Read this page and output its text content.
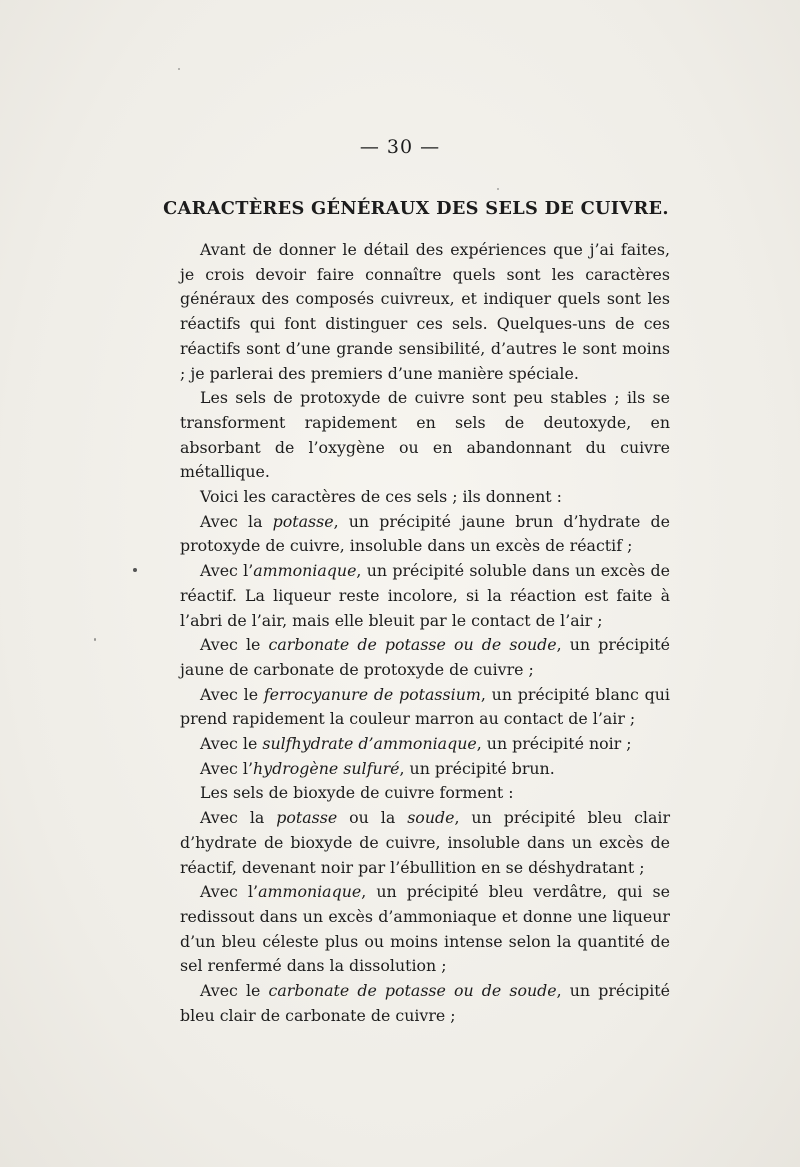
— 30 —
CARACTÈRES GÉNÉRAUX DES SELS DE CUIVRE.

Avant de donner le détail des expériences que j’ai faites, je crois devoir faire connaître quels sont les caractères généraux des composés cuivreux, et indiquer quels sont les réactifs qui font distinguer ces sels. Quelques-uns de ces réactifs sont d’une grande sensibilité, d’autres le sont moins ; je parlerai des premiers d’une manière spéciale.

Les sels de protoxyde de cuivre sont peu stables ; ils se transforment rapidement en sels de deutoxyde, en absorbant de l’oxygène ou en abandonnant du cuivre métallique.

Voici les caractères de ces sels ; ils donnent :

Avec la potasse, un précipité jaune brun d’hydrate de protoxyde de cuivre, insoluble dans un excès de réactif ;

Avec l’ammoniaque, un précipité soluble dans un excès de réactif. La liqueur reste incolore, si la réaction est faite à l’abri de l’air, mais elle bleuit par le contact de l’air ;

Avec le carbonate de potasse ou de soude, un précipité jaune de carbonate de protoxyde de cuivre ;

Avec le ferrocyanure de potassium, un précipité blanc qui prend rapidement la couleur marron au contact de l’air ;

Avec le sulfhydrate d’ammoniaque, un précipité noir ;

Avec l’hydrogène sulfuré, un précipité brun.

Les sels de bioxyde de cuivre forment :

Avec la potasse ou la soude, un précipité bleu clair d’hydrate de bioxyde de cuivre, insoluble dans un excès de réactif, devenant noir par l’ébullition en se déshydratant ;

Avec l’ammoniaque, un précipité bleu verdâtre, qui se redissout dans un excès d’ammoniaque et donne une liqueur d’un bleu céleste plus ou moins intense selon la quantité de sel renfermé dans la dissolution ;

Avec le carbonate de potasse ou de soude, un précipité bleu clair de carbonate de cuivre ;
